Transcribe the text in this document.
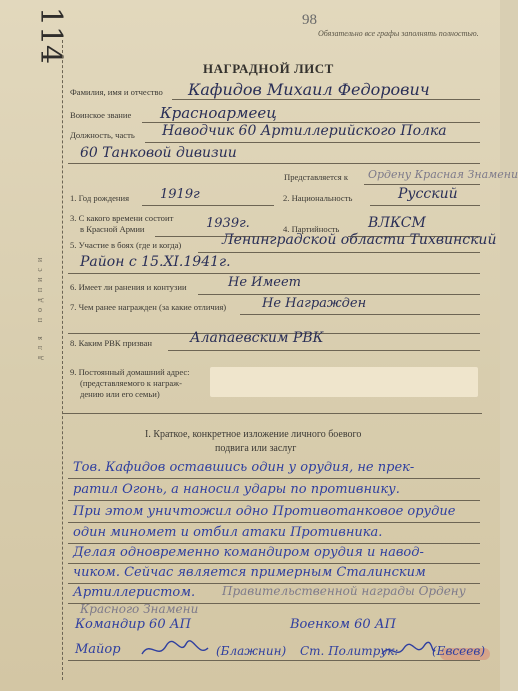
114	98
Обязательно все графы заполнять полностью.
НАГРАДНОЙ ЛИСТ
Фамилия, имя и отчество Кафидов Михаил Федорович
Воинское звание Красноармеец
Должность, часть Наводчик 60 Артиллерийского Полка
60 Танковой дивизии
Представляется к Ордену Красная Знамени
1. Год рождения 1919г	2. Национальность	Русский
3. С какого времени состоит
в Красной Армии	1939г.	4. Партийность ВЛКСМ
5. Участие в боях (где и когда)	Ленинградской области Тихвинский
Район с 15.XI.1941г.
6. Имеет ли ранения и контузии	Не Имеет
7. Чем ранее награжден (за какие отличия)	Не Награжден
8. Каким РВК призван	Алапаевским РВК
9. Постоянный домашний адрес:
(представляемого к награж-
дению или его семьи)
для подписи
I. Краткое, конкретное изложение личного боевого
подвига или заслуг
Тов. Кафидов оставшись один у орудия, не прек-
ратил Огонь, а наносил удары по противнику.
При этом уничтожил одно Противотанковое орудие
один миномет и отбил атаки Противника.
Делая одновременно командиром орудия и навод-
чиком. Сейчас является примерным Сталинским
Артиллеристом. Правительственной награды Ордену
Красного Знамени
Командир 60 АП	Военком 60 АП
Майор	(Блажнин) Ст. Политрук:	(Евсеев)
